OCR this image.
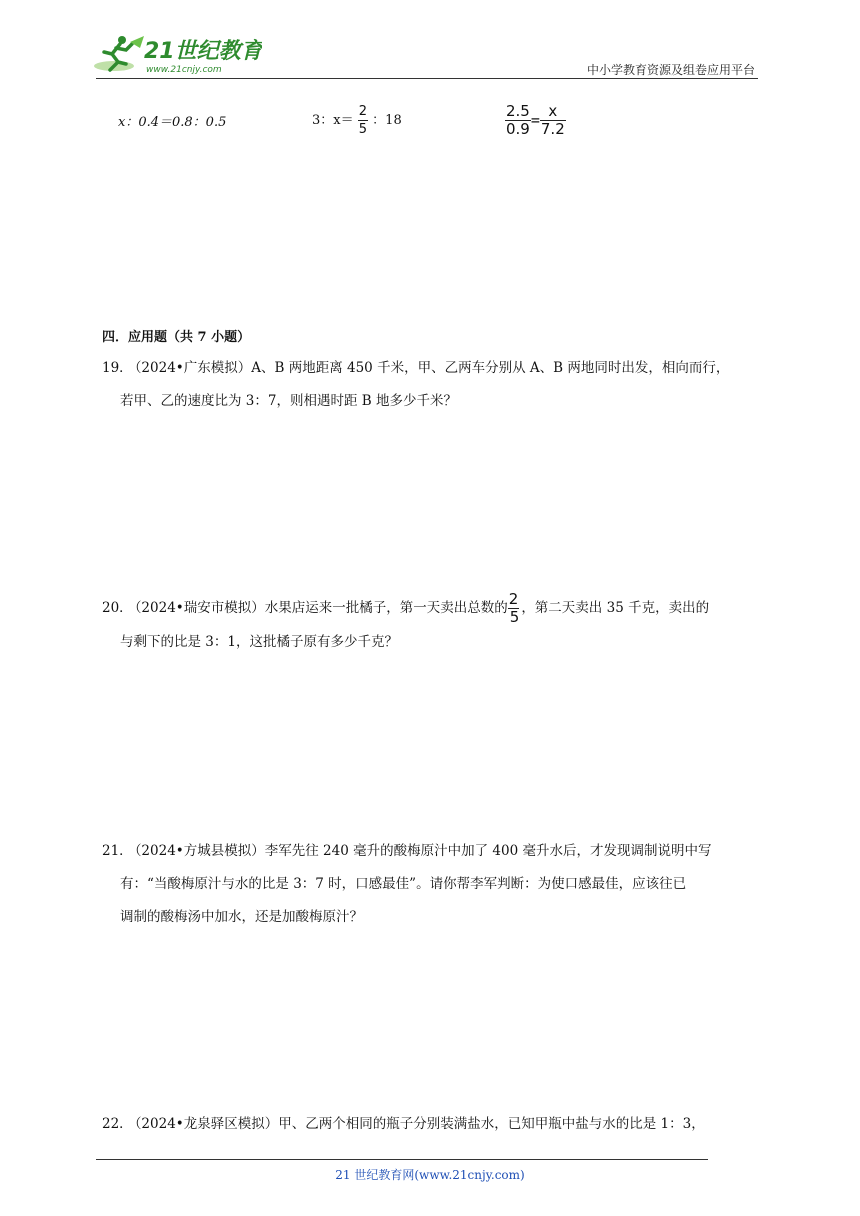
21世纪教育
www.21cnjy.com	中小学教育资源及组卷应用平台
x：0.4＝0.8：0.5	3：$x= \frac{2}{5}$ ：18	$\frac{2.5}{0.9} = \frac{x}{7.2}$
四．应用题（共 7 小题）
19． （2024•广东模拟）A、B 两地距离 450 千米，甲、乙两车分别从 A、B 两地同时出发，相向而行，
若甲、乙的速度比为 3：7，则相遇时距 B 地多少千米？
20． （2024•瑞安市模拟）水果店运来一批橘子，第一天卖出总数的 $\frac{2}{5}$ ，第二天卖出 35 千克，卖出的
与剩下的比是 3：1，这批橘子原有多少千克？
21． （2024•方城县模拟）李军先往 240 毫升的酸梅原汁中加了 400 毫升水后，才发现调制说明中写
有：“当酸梅原汁与水的比是 3：7 时，口感最佳”。请你帮李军判断：为使口感最佳，应该往已
调制的酸梅汤中加水，还是加酸梅原汁？
22． （2024•龙泉驿区模拟）甲、乙两个相同的瓶子分别装满盐水，已知甲瓶中盐与水的比是 1：3，
21 世纪教育网(www.21cnjy.com)
